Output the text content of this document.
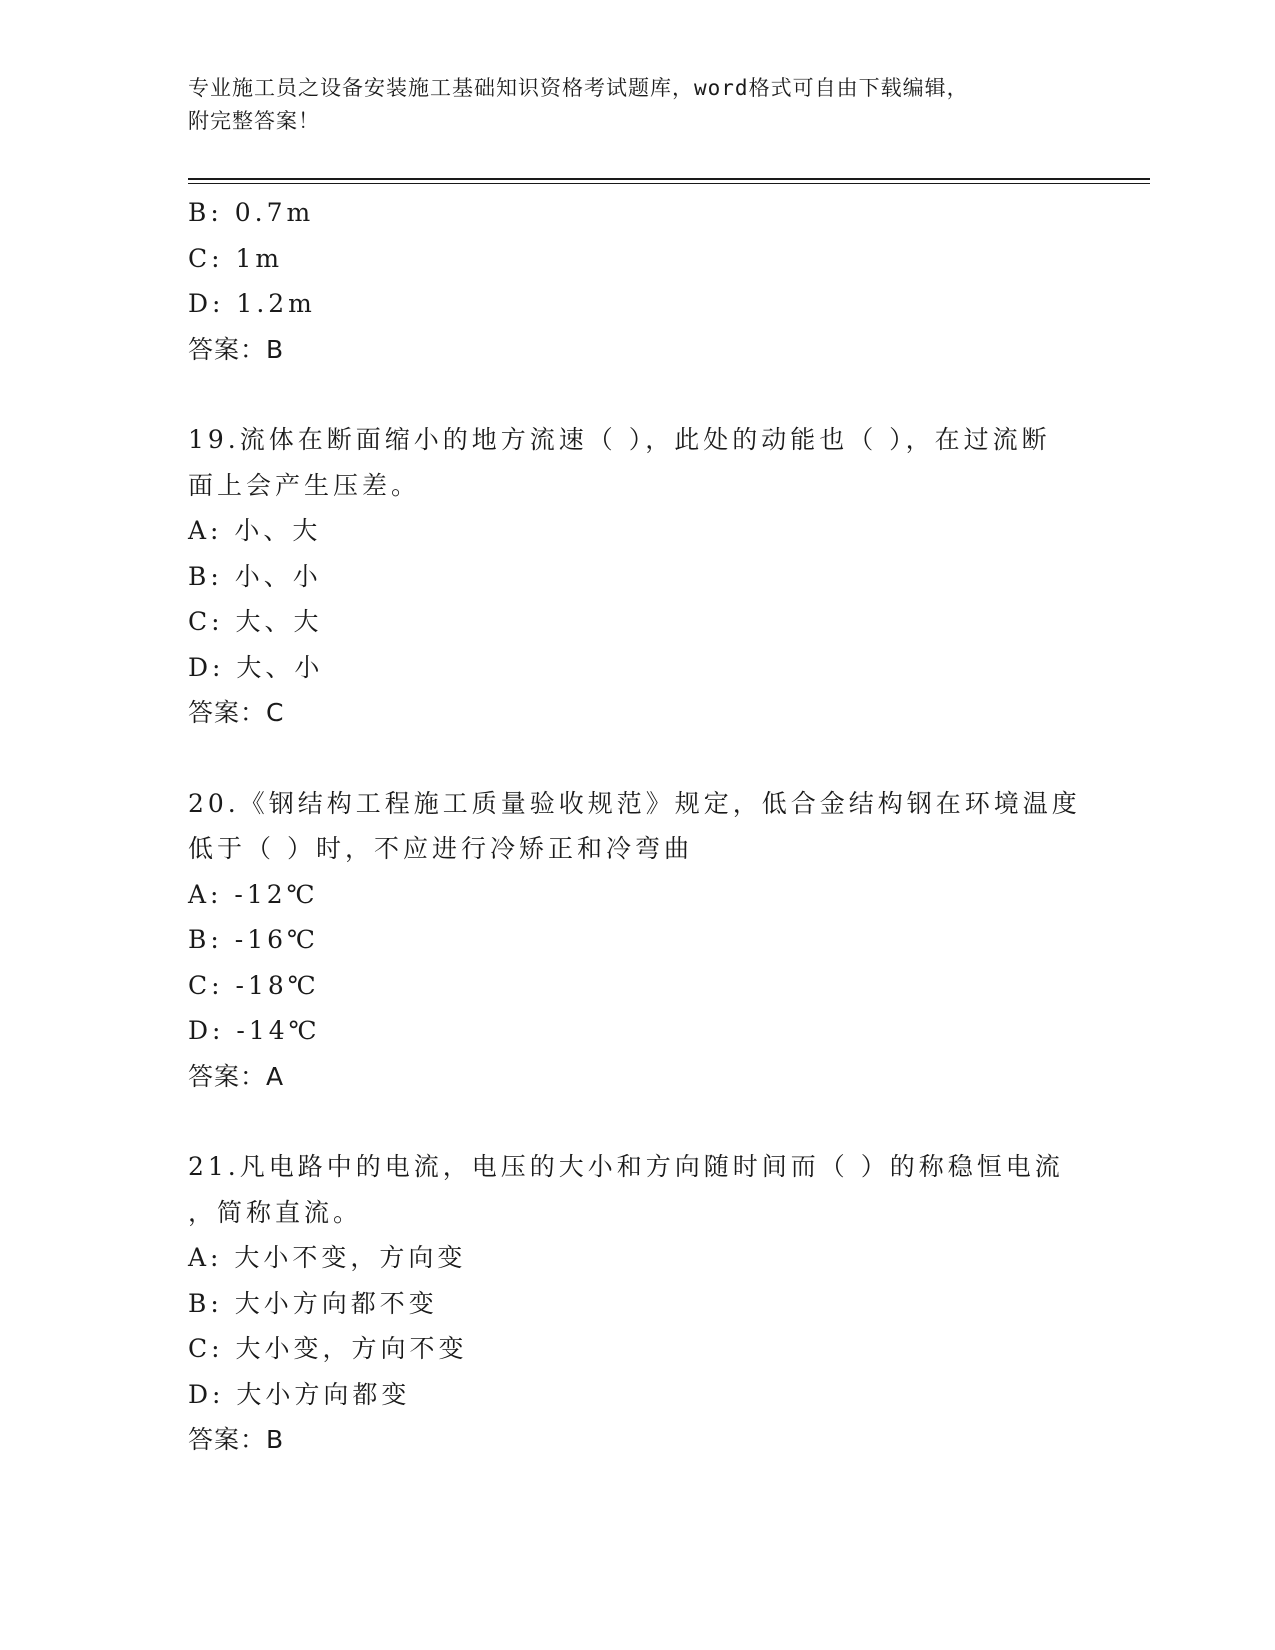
专业施工员之设备安装施工基础知识资格考试题库，word格式可自由下载编辑，
附完整答案！
B: 0.7m
C: 1m
D: 1.2m
答案：B
19.流体在断面缩小的地方流速（ ），此处的动能也（ ），在过流断
面上会产生压差。
A: 小、大
B: 小、小
C: 大、大
D: 大、小
答案：C
20.《钢结构工程施工质量验收规范》规定，低合金结构钢在环境温度
低于（ ）时，不应进行冷矫正和冷弯曲
A: -12℃
B: -16℃
C: -18℃
D: -14℃
答案：A
21.凡电路中的电流，电压的大小和方向随时间而（ ）的称稳恒电流
，简称直流。
A: 大小不变，方向变
B: 大小方向都不变
C: 大小变，方向不变
D: 大小方向都变
答案：B
